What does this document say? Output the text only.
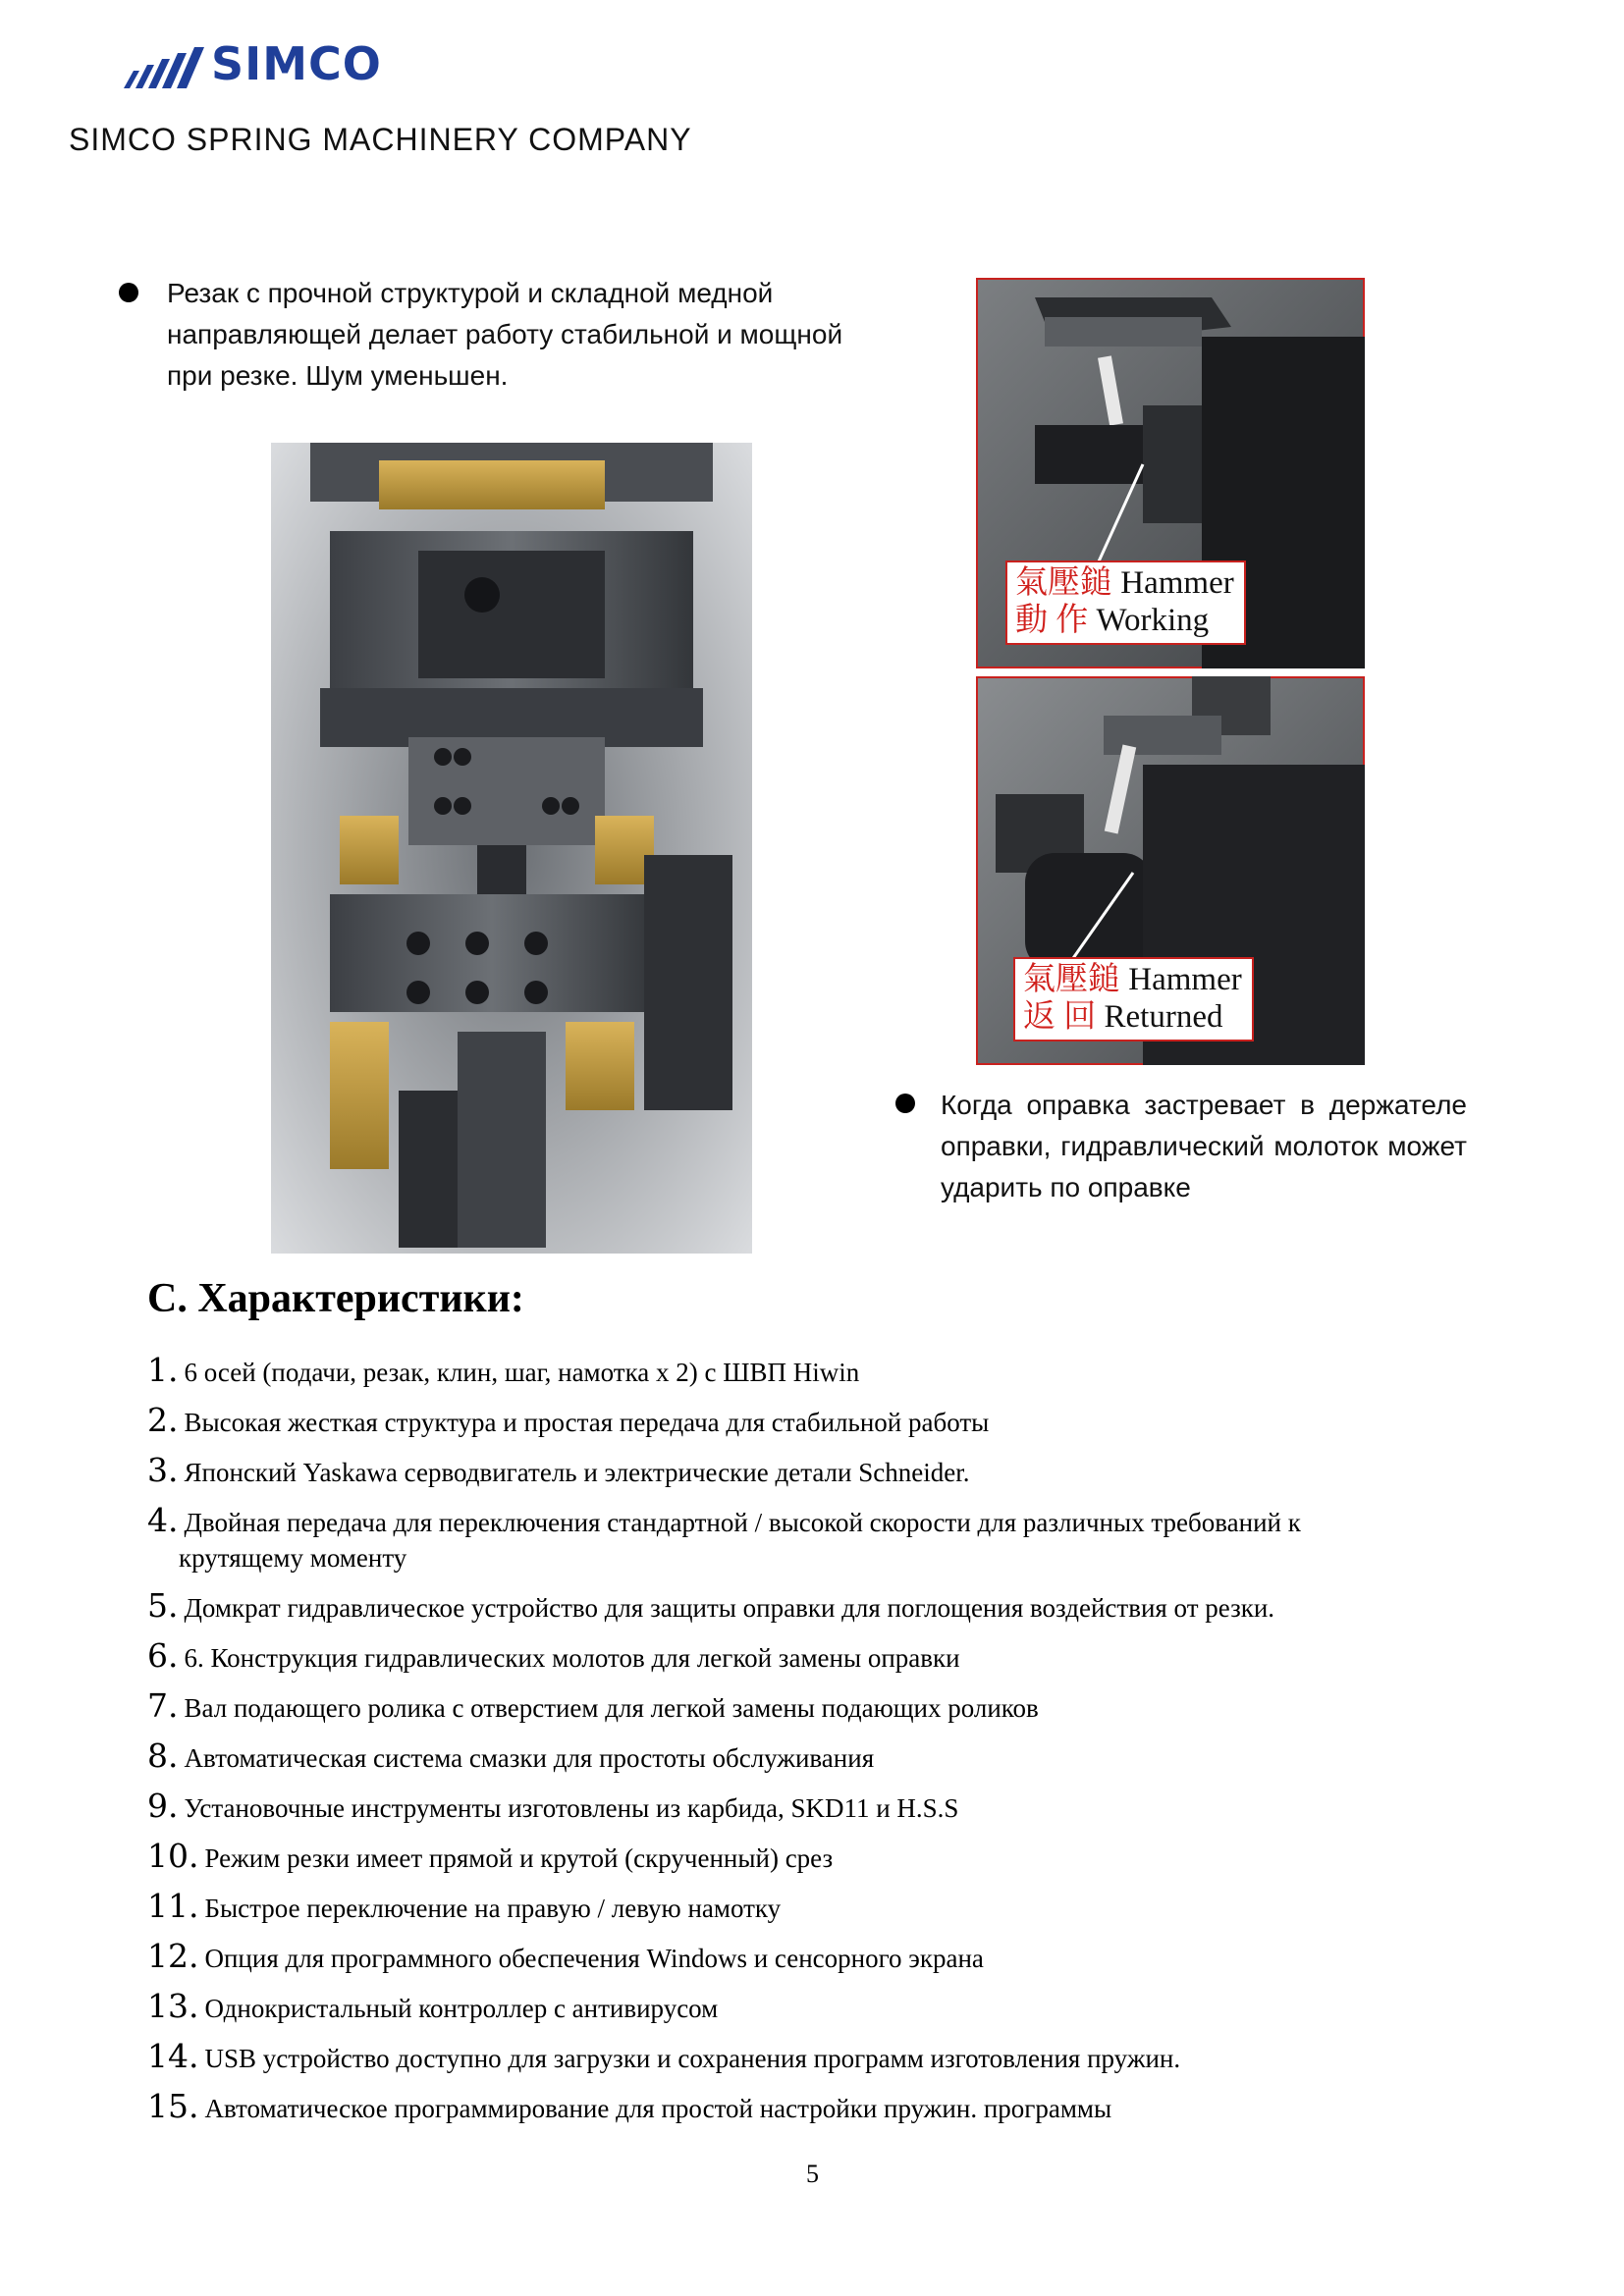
SIMCO
SIMCO SPRING MACHINERY COMPANY
Резак с прочной структурой и складной медной направляющей делает работу стабильной и мощной при резке. Шум уменьшен.
氣壓鎚 Hammer
動 作 Working
氣壓鎚 Hammer
返 回 Returned
Когда оправка застревает в держателе оправки, гидравлический молоток может ударить по оправке
C. Характеристики:
1. 6 осей (подачи, резак, клин, шаг, намотка x 2) с ШВП Hiwin
2. Высокая жесткая структура и простая передача для стабильной работы
3. Японский Yaskawa серводвигатель и электрические детали Schneider.
4. Двойная передача для переключения стандартной / высокой скорости для различных требований к
крутящему моменту
5. Домкрат гидравлическое устройство для защиты оправки для поглощения воздействия от резки.
6. 6. Конструкция гидравлических молотов для легкой замены оправки
7. Вал подающего ролика с отверстием для легкой замены подающих роликов
8. Автоматическая система смазки для простоты обслуживания
9. Установочные инструменты изготовлены из карбида, SKD11 и H.S.S
10. Режим резки имеет прямой и крутой (скрученный) срез
11. Быстрое переключение на правую / левую намотку
12. Опция для программного обеспечения Windows и сенсорного экрана
13. Однокристальный контроллер с антивирусом
14. USB устройство доступно для загрузки и сохранения программ изготовления пружин.
15. Автоматическое программирование для простой настройки пружин. программы
5
